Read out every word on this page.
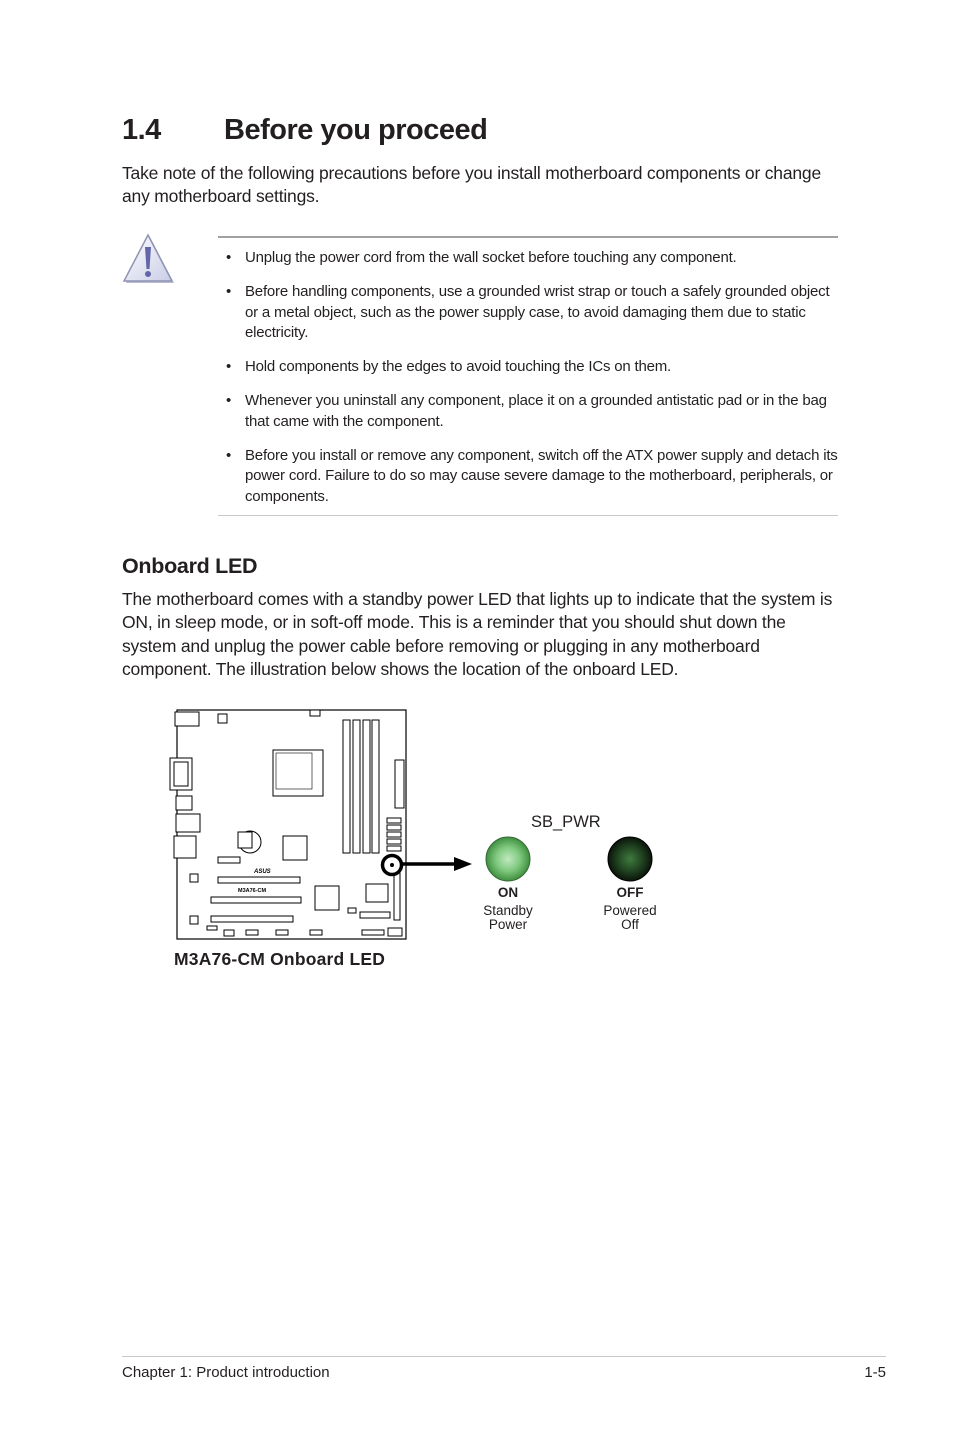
1.4 Before you proceed
Take note of the following precautions before you install motherboard components or change any motherboard settings.
• Unplug the power cord from the wall socket before touching any component.
• Before handling components, use a grounded wrist strap or touch a safely grounded object or a metal object, such as the power supply case, to avoid damaging them due to static electricity.
• Hold components by the edges to avoid touching the ICs on them.
• Whenever you uninstall any component, place it on a grounded antistatic pad or in the bag that came with the component.
• Before you install or remove any component, switch off the ATX power supply and detach its power cord. Failure to do so may cause severe damage to the motherboard, peripherals, or components.
Onboard LED
The motherboard comes with a standby power LED that lights up to indicate that the system is ON, in sleep mode, or in soft-off mode. This is a reminder that you should shut down the system and unplug the power cable before removing or plugging in any motherboard component. The illustration below shows the location of the onboard LED.
ASUS
M3A76-CM
SB_PWR
ON
Standby
Power
OFF
Powered
Off
M3A76-CM Onboard LED
Chapter 1: Product introduction	1-5
